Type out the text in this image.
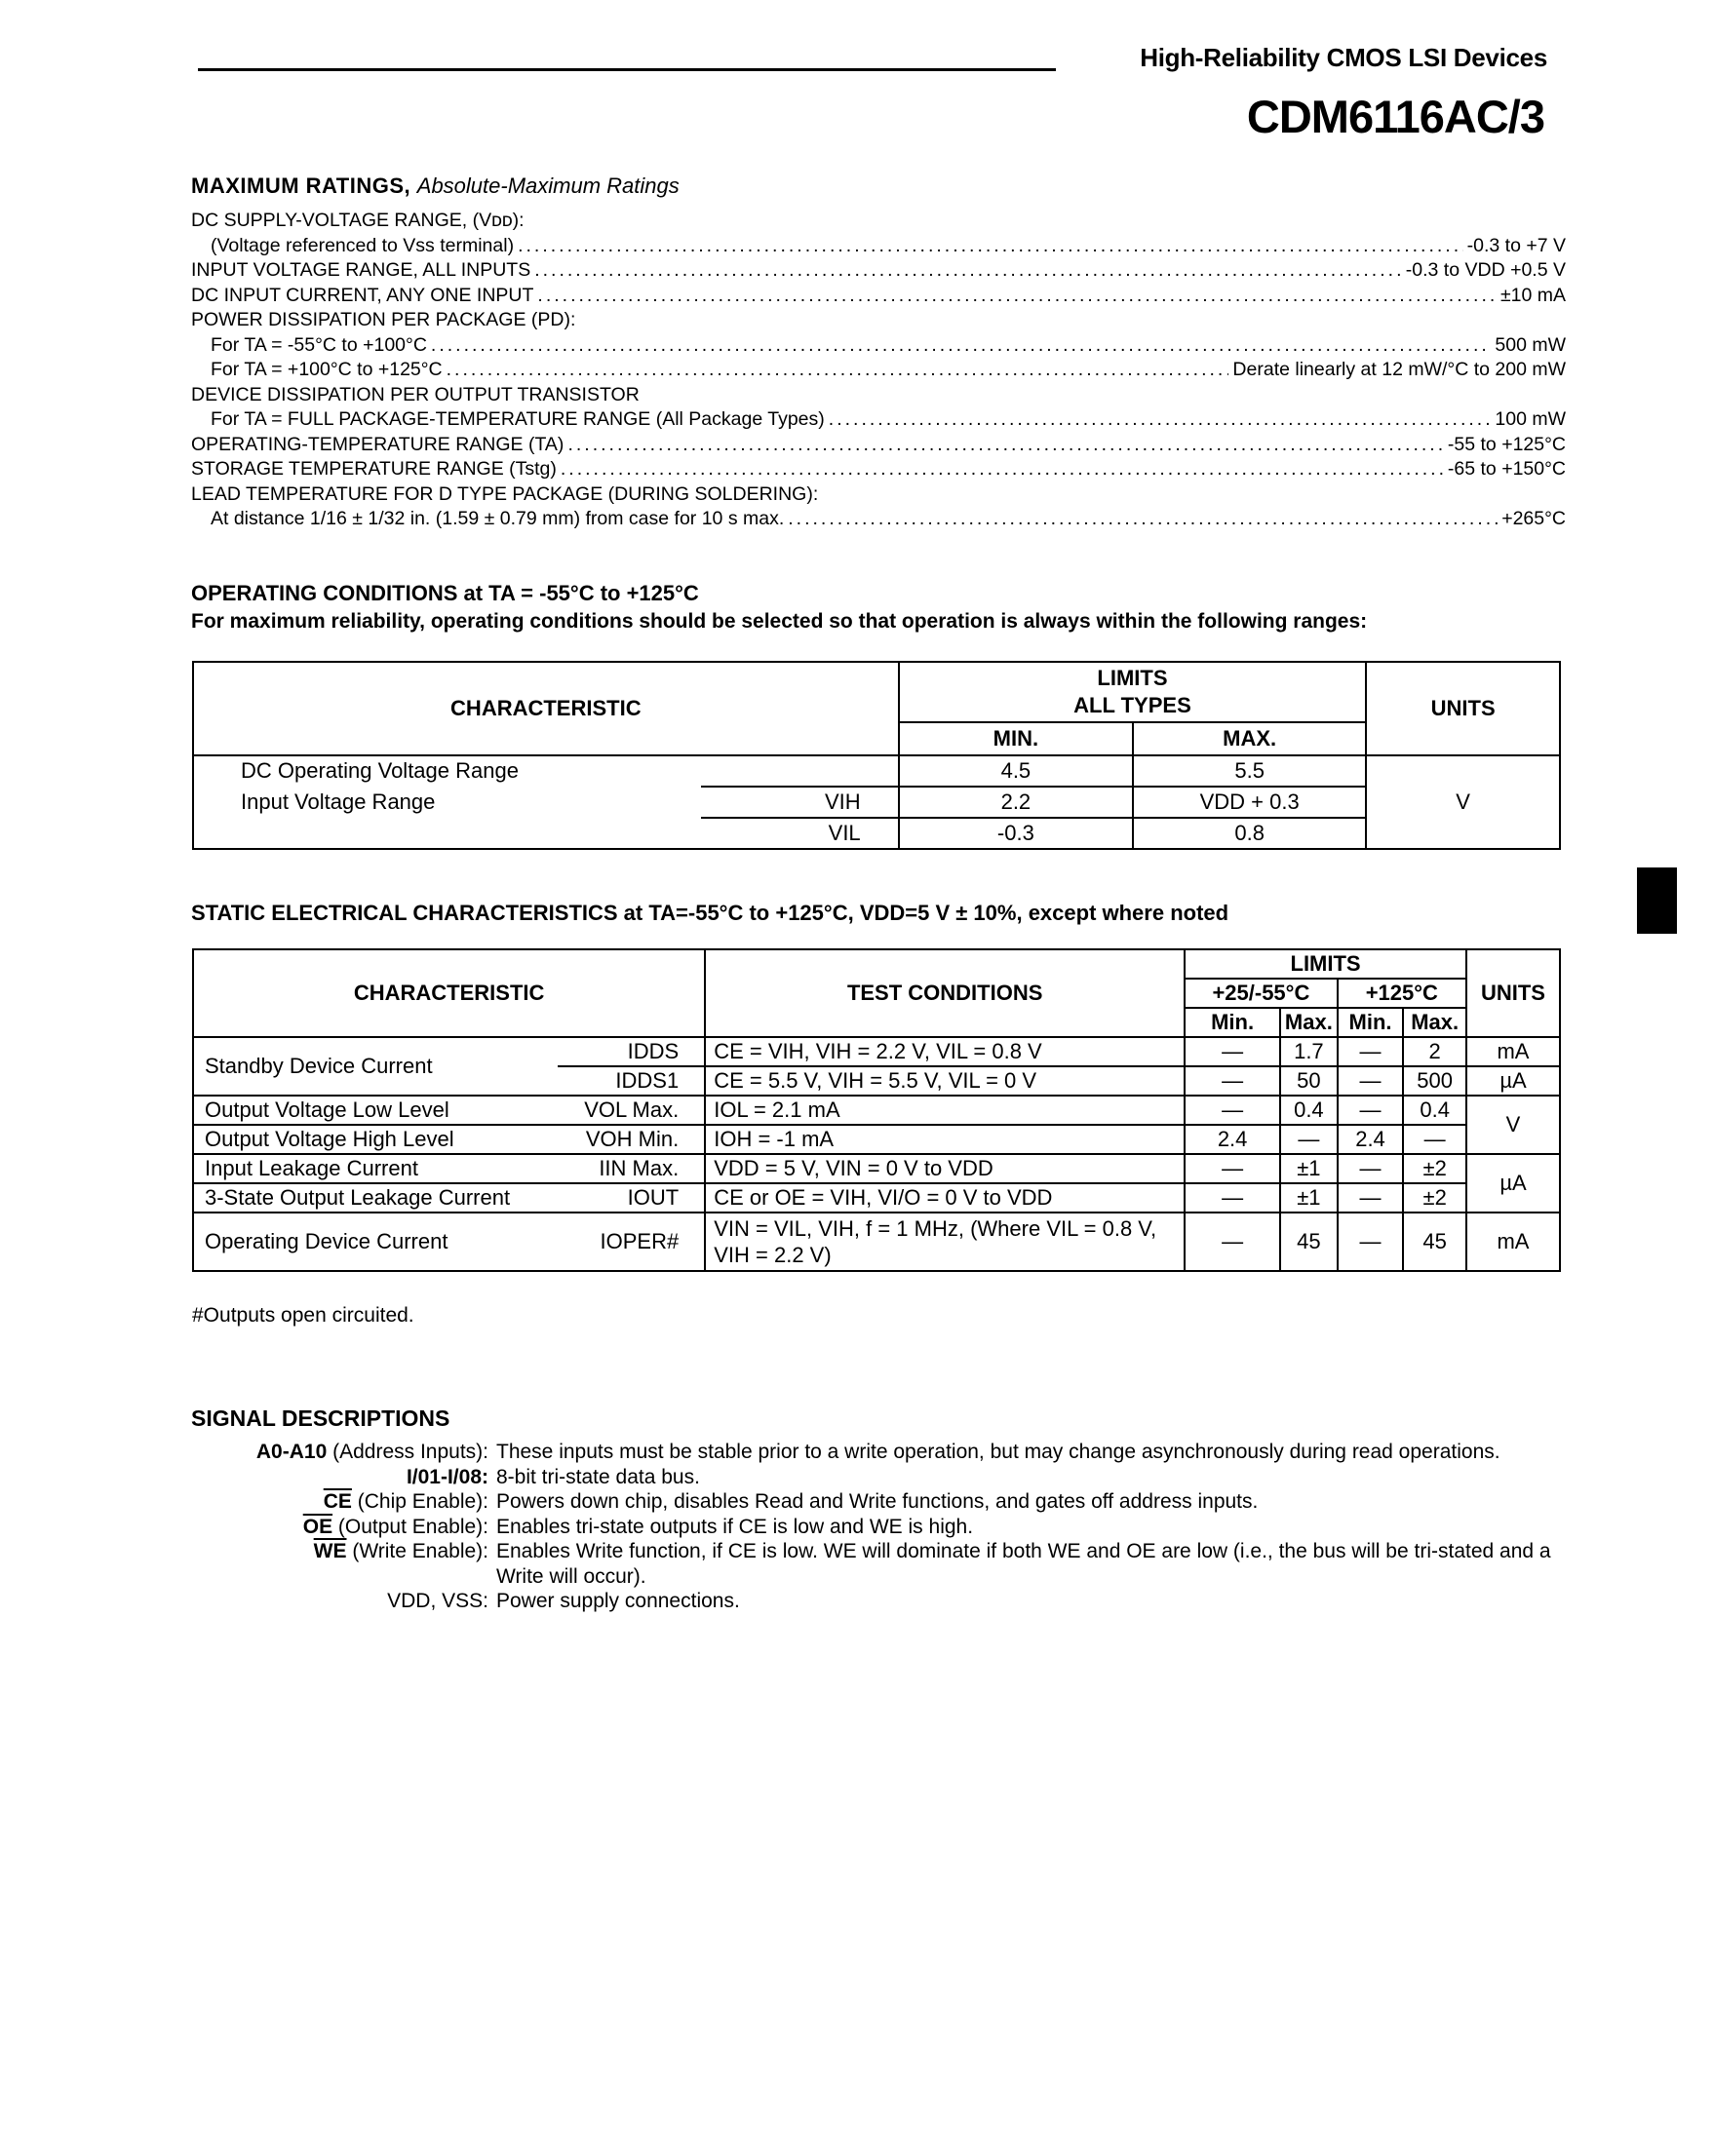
High-Reliability CMOS LSI Devices
CDM6116AC/3
MAXIMUM RATINGS, Absolute-Maximum Ratings
DC SUPPLY-VOLTAGE RANGE, (Vᴅᴅ):
(Voltage referenced to Vss terminal) .....	-0.3 to +7 V
INPUT VOLTAGE RANGE, ALL INPUTS .....	-0.3 to VDD +0.5 V
DC INPUT CURRENT, ANY ONE INPUT .....	±10 mA
POWER DISSIPATION PER PACKAGE (PD):
For TA = -55°C to +100°C .....	500 mW
For TA = +100°C to +125°C .....	Derate linearly at 12 mW/°C to 200 mW
DEVICE DISSIPATION PER OUTPUT TRANSISTOR
For TA = FULL PACKAGE-TEMPERATURE RANGE (All Package Types) .....	100 mW
OPERATING-TEMPERATURE RANGE (TA) .....	-55 to +125°C
STORAGE TEMPERATURE RANGE (Tstg) .....	-65 to +150°C
LEAD TEMPERATURE FOR D TYPE PACKAGE (DURING SOLDERING):
At distance 1/16 ± 1/32 in. (1.59 ± 0.79 mm) from case for 10 s max. .....	+265°C
OPERATING CONDITIONS at TA = -55°C to +125°C
For maximum reliability, operating conditions should be selected so that operation is always within the following ranges:
CHARACTERISTIC		LIMITS
ALL TYPES		UNITS
		MIN.	MAX.	
DC Operating Voltage Range		4.5	5.5	V
Input Voltage Range	VIH	2.2	VDD + 0.3	
	VIL	-0.3	0.8	
STATIC ELECTRICAL CHARACTERISTICS at TA=-55°C to +125°C, VDD=5 V ± 10%, except where noted
CHARACTERISTIC		TEST CONDITIONS	LIMITS				UNITS
			+25/-55°C		+125°C		
			Min.	Max.	Min.	Max.	
Standby Device Current	IDDS	CE = VIH, VIH = 2.2 V, VIL = 0.8 V	—	1.7	—	2	mA
	IDDS1	CE = 5.5 V, VIH = 5.5 V, VIL = 0 V	—	50	—	500	µA
Output Voltage Low Level	VOL Max.	IOL = 2.1 mA	—	0.4	—	0.4	V
Output Voltage High Level	VOH Min.	IOH = -1 mA	2.4	—	2.4	—	
Input Leakage Current	IIN Max.	VDD = 5 V, VIN = 0 V to VDD	—	±1	—	±2	µA
3-State Output Leakage Current	IOUT	CE or OE = VIH, VI/O = 0 V to VDD	—	±1	—	±2	
Operating Device Current	IOPER#	VIN = VIL, VIH, f = 1 MHz, (Where VIL = 0.8 V, VIH = 2.2 V)	—	45	—	45	mA
#Outputs open circuited.
SIGNAL DESCRIPTIONS
A0-A10 (Address Inputs): These inputs must be stable prior to a write operation, but may change asynchronously during read operations.
I/01-I/08: 8-bit tri-state data bus.
$\overline{CE}$ (Chip Enable): Powers down chip, disables Read and Write functions, and gates off address inputs.
$\overline{OE}$ (Output Enable): Enables tri-state outputs if CE is low and WE is high.
$\overline{WE}$ (Write Enable): Enables Write function, if CE is low. WE will dominate if both WE and OE are low (i.e., the bus will be tri-stated and a Write will occur).
VDD, VSS: Power supply connections.
